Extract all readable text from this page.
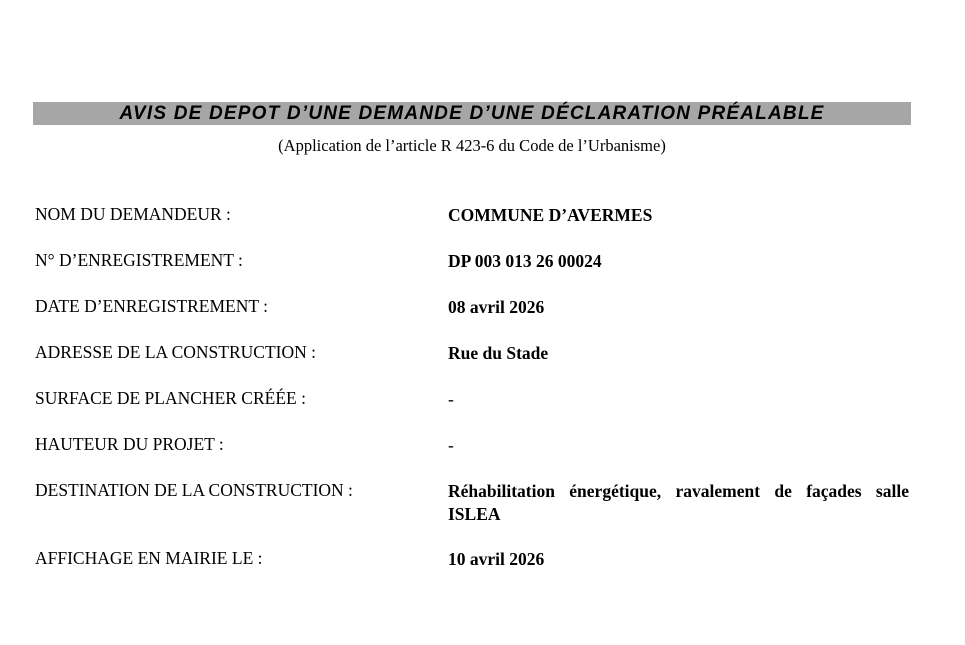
AVIS DE DEPOT D’UNE DEMANDE D’UNE DÉCLARATION PRÉALABLE
(Application de l’article R 423-6 du Code de l’Urbanisme)
NOM DU DEMANDEUR :	COMMUNE D’AVERMES
N° D’ENREGISTREMENT :	DP 003 013 26 00024
DATE D’ENREGISTREMENT :	08 avril 2026
ADRESSE DE LA CONSTRUCTION :	Rue du Stade
SURFACE DE PLANCHER CRÉÉE :	-
HAUTEUR DU PROJET :	-
DESTINATION DE LA CONSTRUCTION :	Réhabilitation énergétique, ravalement de façades salle ISLEA
AFFICHAGE EN MAIRIE LE :	10 avril 2026
